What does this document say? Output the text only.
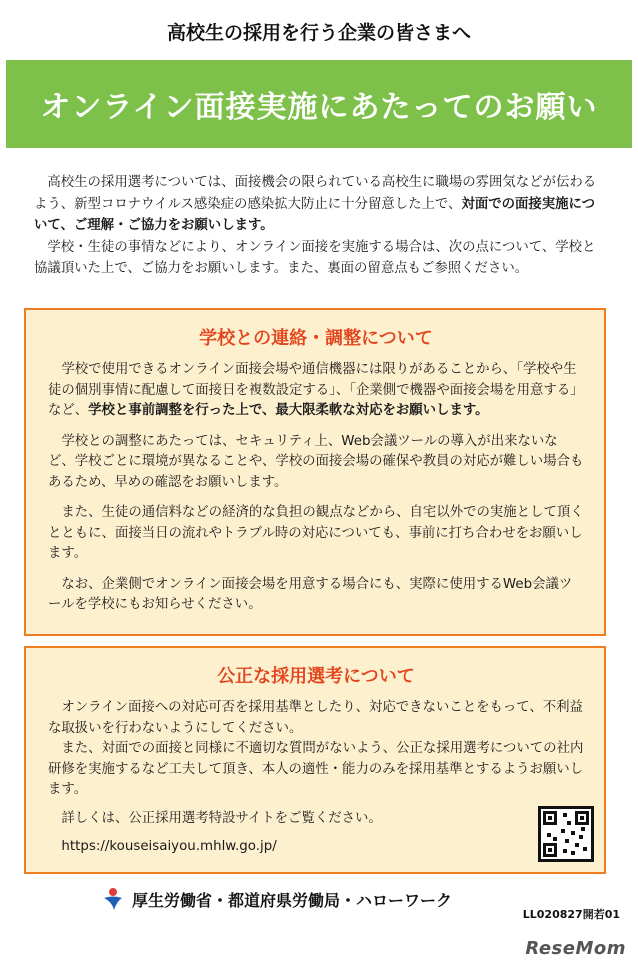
高校生の採用を行う企業の皆さまへ
オンライン面接実施にあたってのお願い

高校生の採用選考については、面接機会の限られている高校生に職場の雰囲気などが伝わるよう、新型コロナウイルス感染症の感染拡大防止に十分留意した上で、対面での面接実施について、ご理解・ご協力をお願いします。

学校・生徒の事情などにより、オンライン面接を実施する場合は、次の点について、学校と協議頂いた上で、ご協力をお願いします。また、裏面の留意点もご参照ください。

学校との連絡・調整について

学校で使用できるオンライン面接会場や通信機器には限りがあることから、「学校や生徒の個別事情に配慮して面接日を複数設定する」、「企業側で機器や面接会場を用意する」など、学校と事前調整を行った上で、最大限柔軟な対応をお願いします。

学校との調整にあたっては、セキュリティ上、Web会議ツールの導入が出来ないなど、学校ごとに環境が異なることや、学校の面接会場の確保や教員の対応が難しい場合もあるため、早めの確認をお願いします。

また、生徒の通信料などの経済的な負担の観点などから、自宅以外での実施として頂くとともに、面接当日の流れやトラブル時の対応についても、事前に打ち合わせをお願いします。

なお、企業側でオンライン面接会場を用意する場合にも、実際に使用するWeb会議ツールを学校にもお知らせください。

公正な採用選考について

オンライン面接への対応可否を採用基準としたり、対応できないことをもって、不利益な取扱いを行わないようにしてください。

また、対面での面接と同様に不適切な質問がないよう、公正な採用選考についての社内研修を実施するなど工夫して頂き、本人の適性・能力のみを採用基準とするようお願いします。

詳しくは、公正採用選考特設サイトをご覧ください。

https://kouseisaiyou.mhlw.go.jp/
厚生労働省・都道府県労働局・ハローワーク
LL020827開若01
ReseMom
